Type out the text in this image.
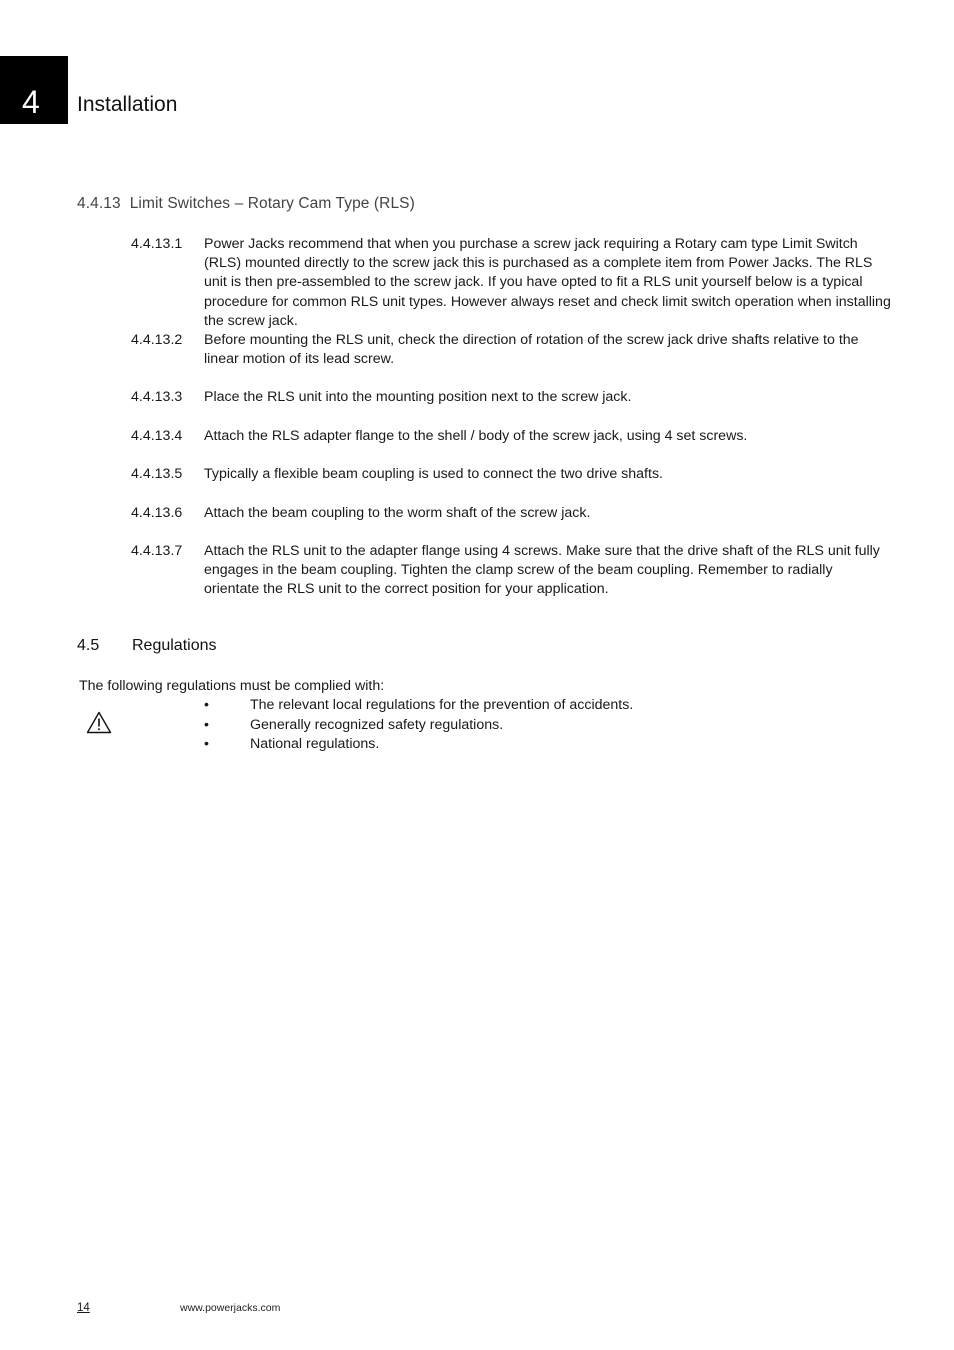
4	Installation
4.4.13 Limit Switches – Rotary Cam Type (RLS)
4.4.13.1	Power Jacks recommend that when you purchase a screw jack requiring a Rotary cam type Limit Switch (RLS) mounted directly to the screw jack this is purchased as a complete item from Power Jacks. The RLS unit is then pre-assembled to the screw jack. If you have opted to fit a RLS unit yourself below is a typical procedure for common RLS unit types. However always reset and check limit switch operation when installing the screw jack.
4.4.13.2	Before mounting the RLS unit, check the direction of rotation of the screw jack drive shafts relative to the linear motion of its lead screw.
4.4.13.3	Place the RLS unit into the mounting position next to the screw jack.
4.4.13.4	Attach the RLS adapter flange to the shell / body of the screw jack, using 4 set screws.
4.4.13.5	Typically a flexible beam coupling is used to connect the two drive shafts.
4.4.13.6	Attach the beam coupling to the worm shaft of the screw jack.
4.4.13.7	Attach the RLS unit to the adapter flange using 4 screws. Make sure that the drive shaft of the RLS unit fully engages in the beam coupling. Tighten the clamp screw of the beam coupling. Remember to radially orientate the RLS unit to the correct position for your application.
4.5 Regulations
The following regulations must be complied with:
•	The relevant local regulations for the prevention of accidents.
•	Generally recognized safety regulations.
•	National regulations.
14	www.powerjacks.com
